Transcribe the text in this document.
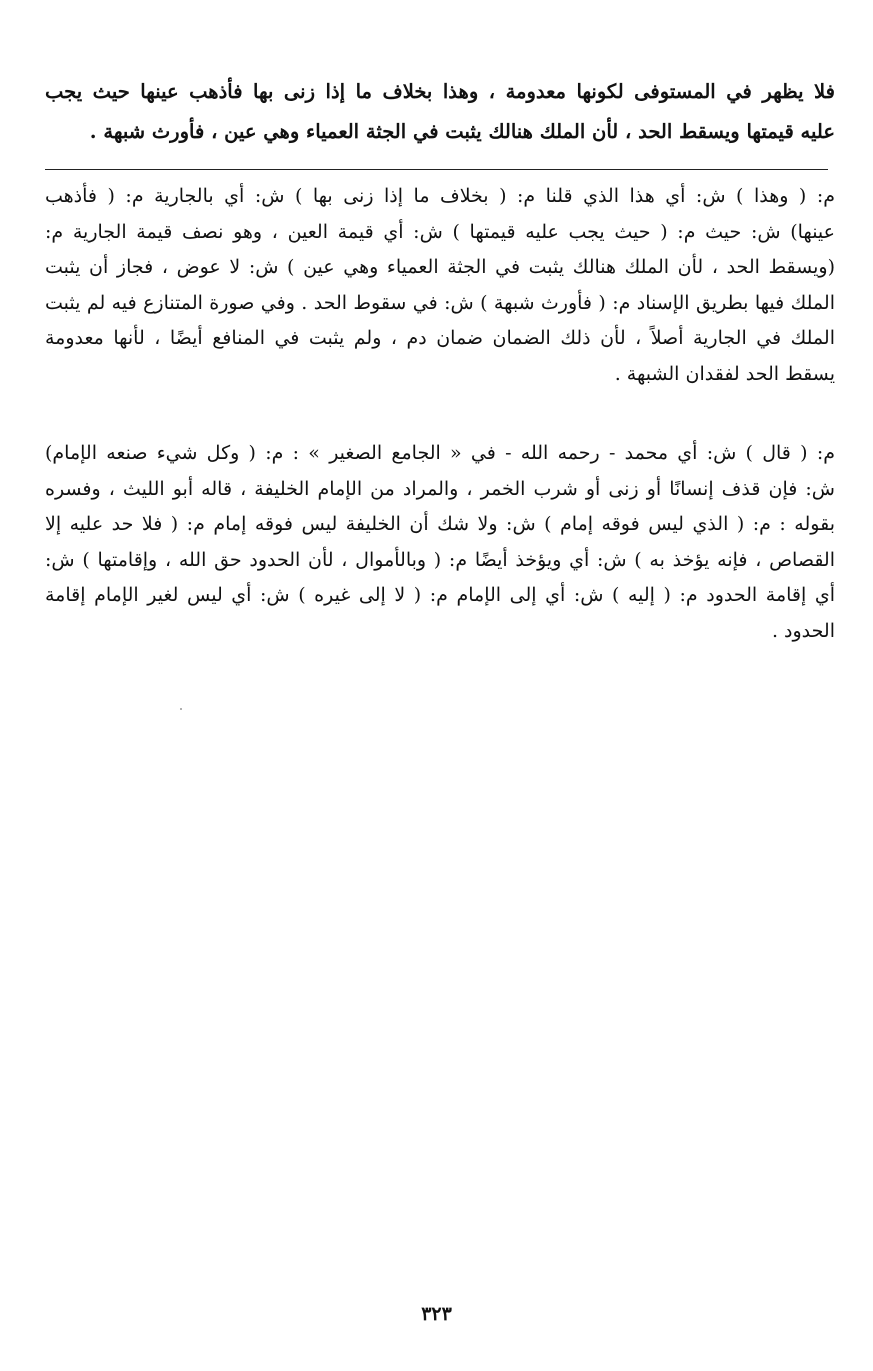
فلا يظهر في المستوفى لكونها معدومة ، وهذا بخلاف ما إذا زنى بها فأذهب عينها حيث يجب
عليه قيمتها ويسقط الحد ، لأن الملك هنالك يثبت في الجثة العمياء وهي عين ، فأورث شبهة .
م: ( وهذا ) ش: أي هذا الذي قلنا م: ( بخلاف ما إذا زنى بها ) ش: أي بالجارية م: ( فأذهب
عينها) ش: حيث م: ( حيث يجب عليه قيمتها ) ش: أي قيمة العين ، وهو نصف قيمة الجارية م:
(ويسقط الحد ، لأن الملك هنالك يثبت في الجثة العمياء وهي عين ) ش: لا عوض ، فجاز أن يثبت
الملك فيها بطريق الإسناد م: ( فأورث شبهة ) ش: في سقوط الحد . وفي صورة المتنازع فيه لم يثبت
الملك في الجارية أصلاً ، لأن ذلك الضمان ضمان دم ، ولم يثبت في المنافع أيضًا ، لأنها معدومة
يسقط الحد لفقدان الشبهة .
م: ( قال ) ش: أي محمد - رحمه الله - في « الجامع الصغير » : م: ( وكل شيء صنعه الإمام)
ش: فإن قذف إنسانًا أو زنى أو شرب الخمر ، والمراد من الإمام الخليفة ، قاله أبو الليث ، وفسره
بقوله : م: ( الذي ليس فوقه إمام ) ش: ولا شك أن الخليفة ليس فوقه إمام م: ( فلا حد عليه إلا
القصاص ، فإنه يؤخذ به ) ش: أي ويؤخذ أيضًا م: ( وبالأموال ، لأن الحدود حق الله ، وإقامتها ) ش:
أي إقامة الحدود م: ( إليه ) ش: أي إلى الإمام م: ( لا إلى غيره ) ش: أي ليس لغير الإمام إقامة
الحدود .
٣٢٣
